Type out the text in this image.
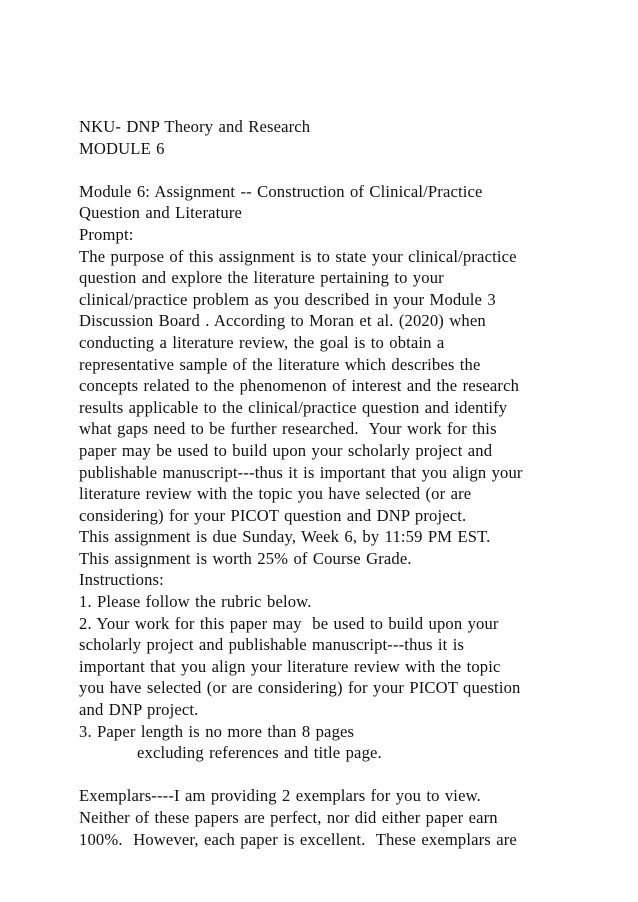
NKU- DNP Theory and Research
MODULE 6
Module 6: Assignment -- Construction of Clinical/Practice
Question and Literature
Prompt:
The purpose of this assignment is to state your clinical/practice
question and explore the literature pertaining to your
clinical/practice problem as you described in your Module 3
Discussion Board . According to Moran et al. (2020) when
conducting a literature review, the goal is to obtain a
representative sample of the literature which describes the
concepts related to the phenomenon of interest and the research
results applicable to the clinical/practice question and identify
what gaps need to be further researched.  Your work for this
paper may be used to build upon your scholarly project and
publishable manuscript---thus it is important that you align your
literature review with the topic you have selected (or are
considering) for your PICOT question and DNP project.
This assignment is due Sunday, Week 6, by 11:59 PM EST.
This assignment is worth 25% of Course Grade.
Instructions:
1. Please follow the rubric below.
2. Your work for this paper may  be used to build upon your
scholarly project and publishable manuscript---thus it is
important that you align your literature review with the topic
you have selected (or are considering) for your PICOT question
and DNP project.
3. Paper length is no more than 8 pages
excluding references and title page.
Exemplars----I am providing 2 exemplars for you to view.
Neither of these papers are perfect, nor did either paper earn
100%.  However, each paper is excellent.  These exemplars are
